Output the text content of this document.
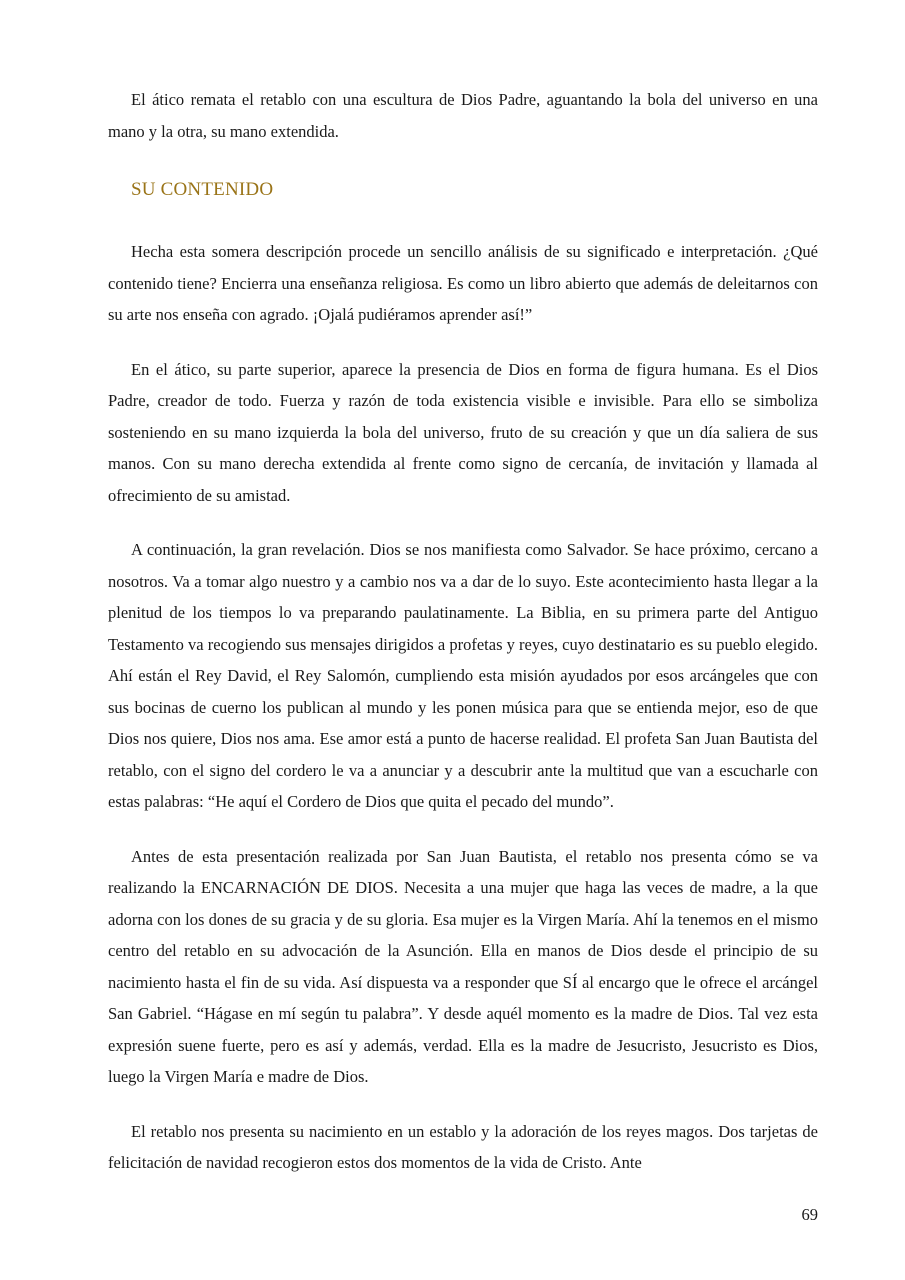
El ático remata el retablo con una escultura de Dios Padre, aguantando la bola del universo en una mano y la otra, su mano extendida.

SU CONTENIDO

Hecha esta somera descripción procede un sencillo análisis de su significado e interpretación. ¿Qué contenido tiene? Encierra una enseñanza religiosa. Es como un libro abierto que además de deleitarnos con su arte nos enseña con agrado. ¡Ojalá pudiéramos aprender así!”

En el ático, su parte superior, aparece la presencia de Dios en forma de figura humana. Es el Dios Padre, creador de todo. Fuerza y razón de toda existencia visible e invisible. Para ello se simboliza sosteniendo en su mano izquierda la bola del universo, fruto de su creación y que un día saliera de sus manos. Con su mano derecha extendida al frente como signo de cercanía, de invitación y llamada al ofrecimiento de su amistad.

A continuación, la gran revelación. Dios se nos manifiesta como Salvador. Se hace próximo, cercano a nosotros. Va a tomar algo nuestro y a cambio nos va a dar de lo suyo. Este acontecimiento hasta llegar a la plenitud de los tiempos lo va preparando paulatinamente. La Biblia, en su primera parte del Antiguo Testamento va recogiendo sus mensajes dirigidos a profetas y reyes, cuyo destinatario es su pueblo elegido. Ahí están el Rey David, el Rey Salomón, cumpliendo esta misión ayudados por esos arcángeles que con sus bocinas de cuerno los publican al mundo y les ponen música para que se entienda mejor, eso de que Dios nos quiere, Dios nos ama. Ese amor está a punto de hacerse realidad. El profeta San Juan Bautista del retablo, con el signo del cordero le va a anunciar y a descubrir ante la multitud que van a escucharle con estas palabras: “He aquí el Cordero de Dios que quita el pecado del mundo”.

Antes de esta presentación realizada por San Juan Bautista, el retablo nos presenta cómo se va realizando la ENCARNACIÓN DE DIOS. Necesita a una mujer que haga las veces de madre, a la que adorna con los dones de su gracia y de su gloria. Esa mujer es la Virgen María. Ahí la tenemos en el mismo centro del retablo en su advocación de la Asunción. Ella en manos de Dios desde el principio de su nacimiento hasta el fin de su vida. Así dispuesta va a responder que SÍ al encargo que le ofrece el arcángel San Gabriel. “Hágase en mí según tu palabra”. Y desde aquél momento es la madre de Dios. Tal vez esta expresión suene fuerte, pero es así y además, verdad. Ella es la madre de Jesucristo, Jesucristo es Dios, luego la Virgen María e madre de Dios.

El retablo nos presenta su nacimiento en un establo y la adoración de los reyes magos. Dos tarjetas de felicitación de navidad recogieron estos dos momentos de la vida de Cristo. Ante

69
